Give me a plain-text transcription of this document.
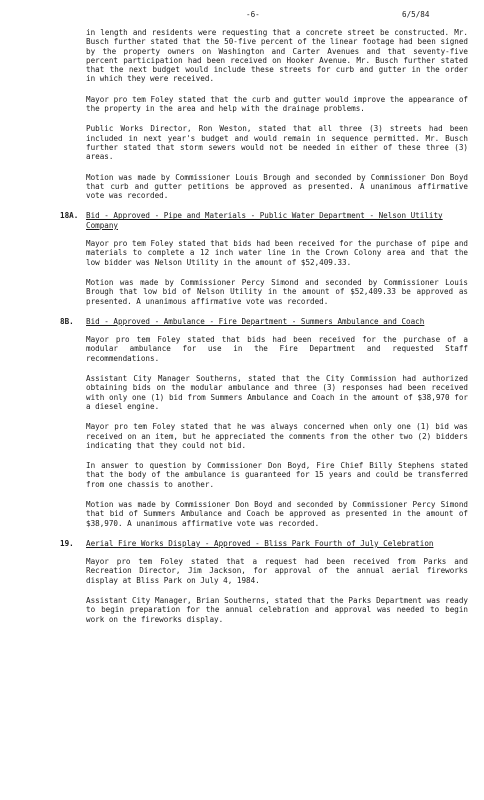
-6-	6/5/84

in length and residents were requesting that a concrete street be constructed. Mr. Busch further stated that the 50-five percent of the linear footage had been signed by the property owners on Washington and Carter Avenues and that seventy-five percent participation had been received on Hooker Avenue. Mr. Busch further stated that the next budget would include these streets for curb and gutter in the order in which they were received.

Mayor pro tem Foley stated that the curb and gutter would improve the appearance of the property in the area and help with the drainage problems.

Public Works Director, Ron Weston, stated that all three (3) streets had been included in next year's budget and would remain in sequence permitted. Mr. Busch further stated that storm sewers would not be needed in either of these three (3) areas.

Motion was made by Commissioner Louis Brough and seconded by Commissioner Don Boyd that curb and gutter petitions be approved as presented. A unanimous affirmative vote was recorded.

18A.	Bid - Approved - Pipe and Materials - Public Water Department - Nelson Utility Company

Mayor pro tem Foley stated that bids had been received for the purchase of pipe and materials to complete a 12 inch water line in the Crown Colony area and that the low bidder was Nelson Utility in the amount of $52,409.33.

Motion was made by Commissioner Percy Simond and seconded by Commissioner Louis Brough that low bid of Nelson Utility in the amount of $52,409.33 be approved as presented. A unanimous affirmative vote was recorded.

8B.	Bid - Approved - Ambulance - Fire Department - Summers Ambulance and Coach

Mayor pro tem Foley stated that bids had been received for the purchase of a modular ambulance for use in the Fire Department and requested Staff recommendations.

Assistant City Manager Southerns, stated that the City Commission had authorized obtaining bids on the modular ambulance and three (3) responses had been received with only one (1) bid from Summers Ambulance and Coach in the amount of $38,970 for a diesel engine.

Mayor pro tem Foley stated that he was always concerned when only one (1) bid was received on an item, but he appreciated the comments from the other two (2) bidders indicating that they could not bid.

In answer to question by Commissioner Don Boyd, Fire Chief Billy Stephens stated that the body of the ambulance is guaranteed for 15 years and could be transferred from one chassis to another.

Motion was made by Commissioner Don Boyd and seconded by Commissioner Percy Simond that bid of Summers Ambulance and Coach be approved as presented in the amount of $38,970. A unanimous affirmative vote was recorded.

19.	Aerial Fire Works Display - Approved - Bliss Park Fourth of July Celebration

Mayor pro tem Foley stated that a request had been received from Parks and Recreation Director, Jim Jackson, for approval of the annual aerial fireworks display at Bliss Park on July 4, 1984.

Assistant City Manager, Brian Southerns, stated that the Parks Department was ready to begin preparation for the annual celebration and approval was needed to begin work on the fireworks display.
